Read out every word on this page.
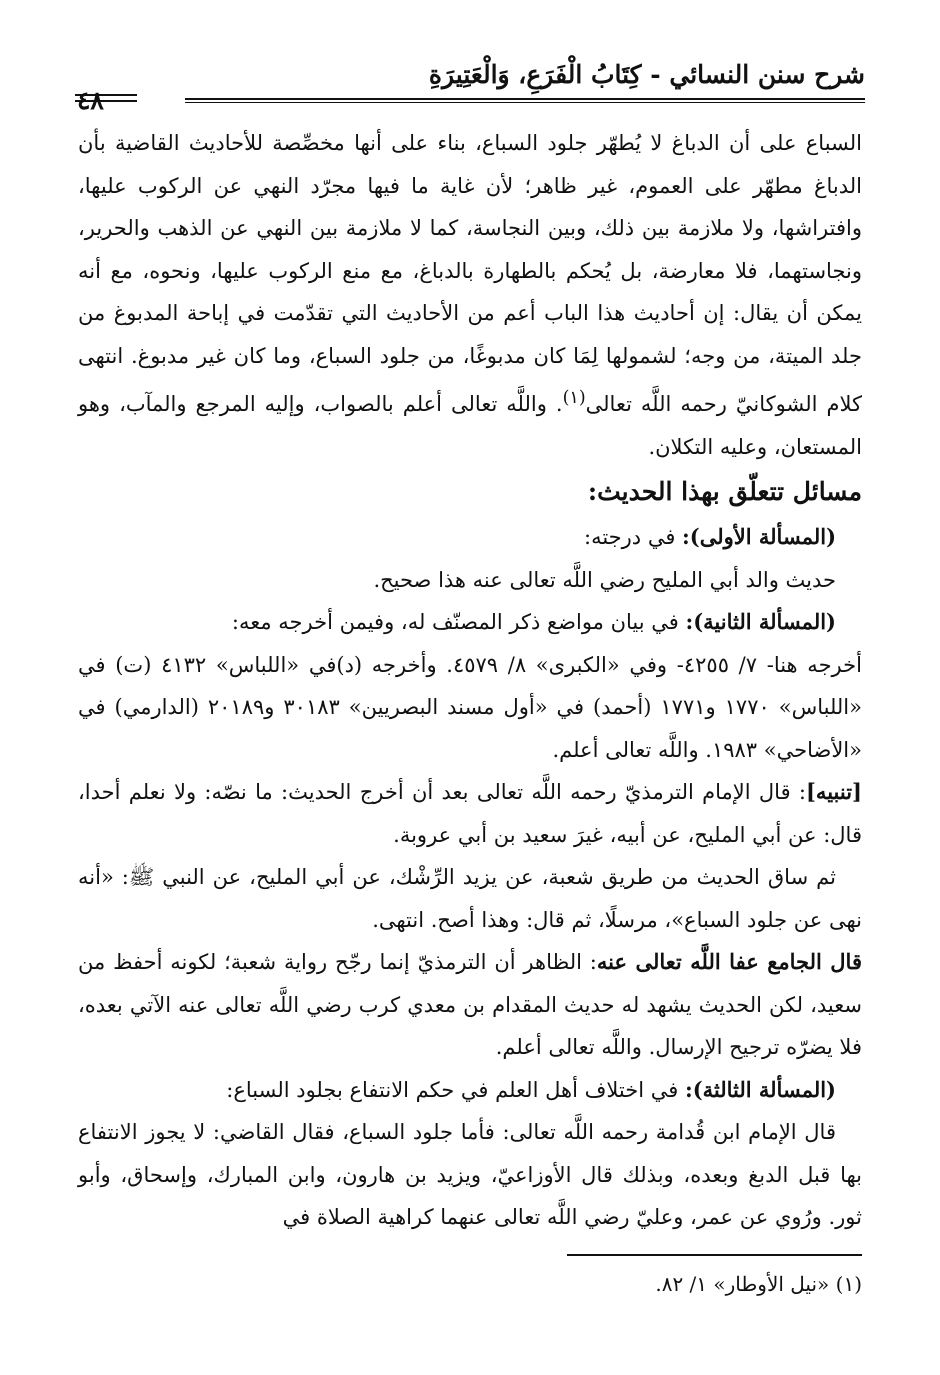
شرح سنن النسائي - كِتَابُ الْفَرَعِ، وَالْعَتِيرَةِ
٤٨

السباع على أن الدباغ لا يُطهّر جلود السباع، بناء على أنها مخصِّصة للأحاديث القاضية بأن الدباغ مطهّر على العموم، غير ظاهر؛ لأن غاية ما فيها مجرّد النهي عن الركوب عليها، وافتراشها، ولا ملازمة بين ذلك، وبين النجاسة، كما لا ملازمة بين النهي عن الذهب والحرير، ونجاستهما، فلا معارضة، بل يُحكم بالطهارة بالدباغ، مع منع الركوب عليها، ونحوه، مع أنه يمكن أن يقال: إن أحاديث هذا الباب أعم من الأحاديث التي تقدّمت في إباحة المدبوغ من جلد الميتة، من وجه؛ لشمولها لِمَا كان مدبوغًا، من جلود السباع، وما كان غير مدبوغ. انتهى كلام الشوكانيّ رحمه اللَّه تعالى$^{(١)}$. واللَّه تعالى أعلم بالصواب، وإليه المرجع والمآب، وهو المستعان، وعليه التكلان.

مسائل تتعلّق بهذا الحديث:

(المسألة الأولى): في درجته:

حديث والد أبي المليح رضي اللَّه تعالى عنه هذا صحيح.

(المسألة الثانية): في بيان مواضع ذكر المصنّف له، وفيمن أخرجه معه:

أخرجه هنا- ٧/ ٤٢٥٥- وفي «الكبرى» ٨/ ٤٥٧٩. وأخرجه (د)في «اللباس» ٤١٣٢ (ت) في «اللباس» ١٧٧٠ و١٧٧١ (أحمد) في «أول مسند البصريين» ٣٠١٨٣ و٢٠١٨٩ (الدارمي) في «الأضاحي» ١٩٨٣. واللَّه تعالى أعلم.

[تنبيه]: قال الإمام الترمذيّ رحمه اللَّه تعالى بعد أن أخرج الحديث: ما نصّه: ولا نعلم أحدا، قال: عن أبي المليح، عن أبيه، غيرَ سعيد بن أبي عروبة.

ثم ساق الحديث من طريق شعبة، عن يزيد الرِّشْك، عن أبي المليح، عن النبي ﷺ: «أنه نهى عن جلود السباع»، مرسلًا، ثم قال: وهذا أصح. انتهى.

قال الجامع عفا اللَّه تعالى عنه: الظاهر أن الترمذيّ إنما رجّح رواية شعبة؛ لكونه أحفظ من سعيد، لكن الحديث يشهد له حديث المقدام بن معدي كرب رضي اللَّه تعالى عنه الآتي بعده، فلا يضرّه ترجيح الإرسال. واللَّه تعالى أعلم.

(المسألة الثالثة): في اختلاف أهل العلم في حكم الانتفاع بجلود السباع:

قال الإمام ابن قُدامة رحمه اللَّه تعالى: فأما جلود السباع، فقال القاضي: لا يجوز الانتفاع بها قبل الدبغ وبعده، وبذلك قال الأوزاعيّ، ويزيد بن هارون، وابن المبارك، وإسحاق، وأبو ثور. ورُوي عن عمر، وعليّ رضي اللَّه تعالى عنهما كراهية الصلاة في

(١) «نيل الأوطار» ١/ ٨٢.
